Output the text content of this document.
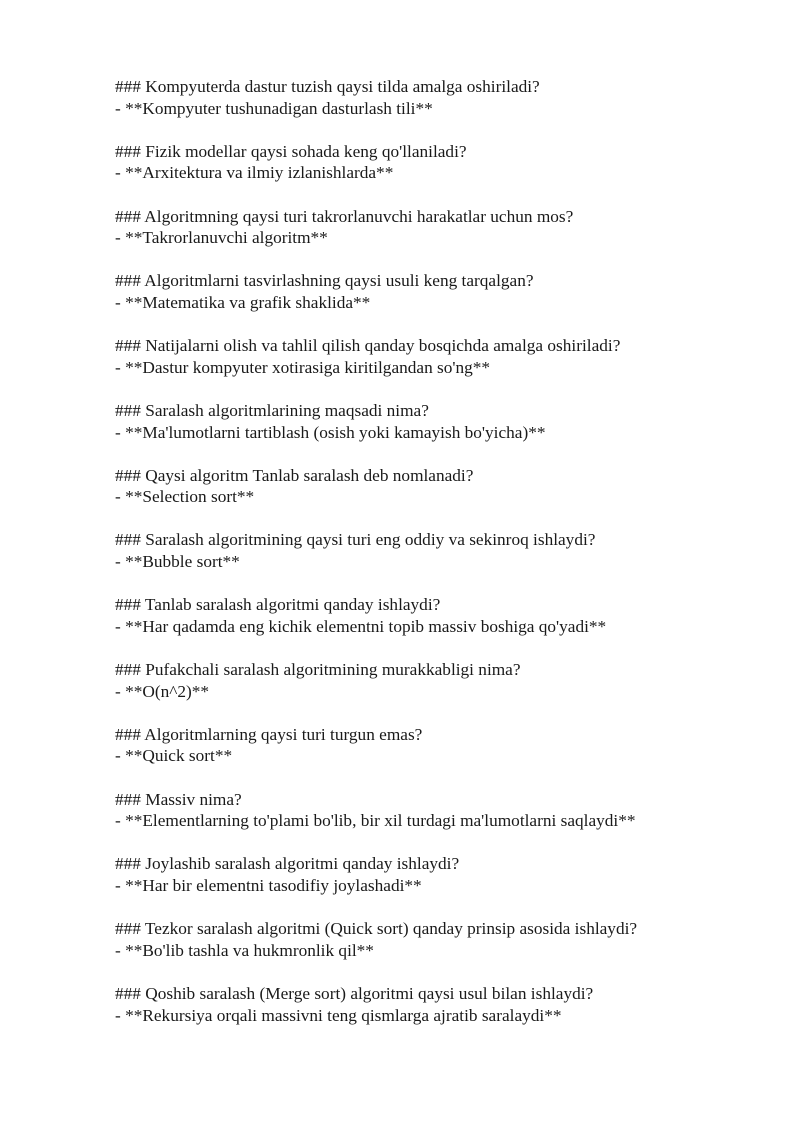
### Kompyuterda dastur tuzish qaysi tilda amalga oshiriladi?
- **Kompyuter tushunadigan dasturlash tili**
### Fizik modellar qaysi sohada keng qo'llaniladi?
- **Arxitektura va ilmiy izlanishlarda**
### Algoritmning qaysi turi takrorlanuvchi harakatlar uchun mos?
- **Takrorlanuvchi algoritm**
### Algoritmlarni tasvirlashning qaysi usuli keng tarqalgan?
- **Matematika va grafik shaklida**
### Natijalarni olish va tahlil qilish qanday bosqichda amalga oshiriladi?
- **Dastur kompyuter xotirasiga kiritilgandan so'ng**
### Saralash algoritmlarining maqsadi nima?
- **Ma'lumotlarni tartiblash (osish yoki kamayish bo'yicha)**
### Qaysi algoritm Tanlab saralash deb nomlanadi?
- **Selection sort**
### Saralash algoritmining qaysi turi eng oddiy va sekinroq ishlaydi?
- **Bubble sort**
### Tanlab saralash algoritmi qanday ishlaydi?
- **Har qadamda eng kichik elementni topib massiv boshiga qo'yadi**
### Pufakchali saralash algoritmining murakkabligi nima?
- **O(n^2)**
### Algoritmlarning qaysi turi turgun emas?
- **Quick sort**
### Massiv nima?
- **Elementlarning to'plami bo'lib, bir xil turdagi ma'lumotlarni saqlaydi**
### Joylashib saralash algoritmi qanday ishlaydi?
- **Har bir elementni tasodifiy joylashadi**
### Tezkor saralash algoritmi (Quick sort) qanday prinsip asosida ishlaydi?
- **Bo'lib tashla va hukmronlik qil**
### Qoshib saralash (Merge sort) algoritmi qaysi usul bilan ishlaydi?
- **Rekursiya orqali massivni teng qismlarga ajratib saralaydi**
